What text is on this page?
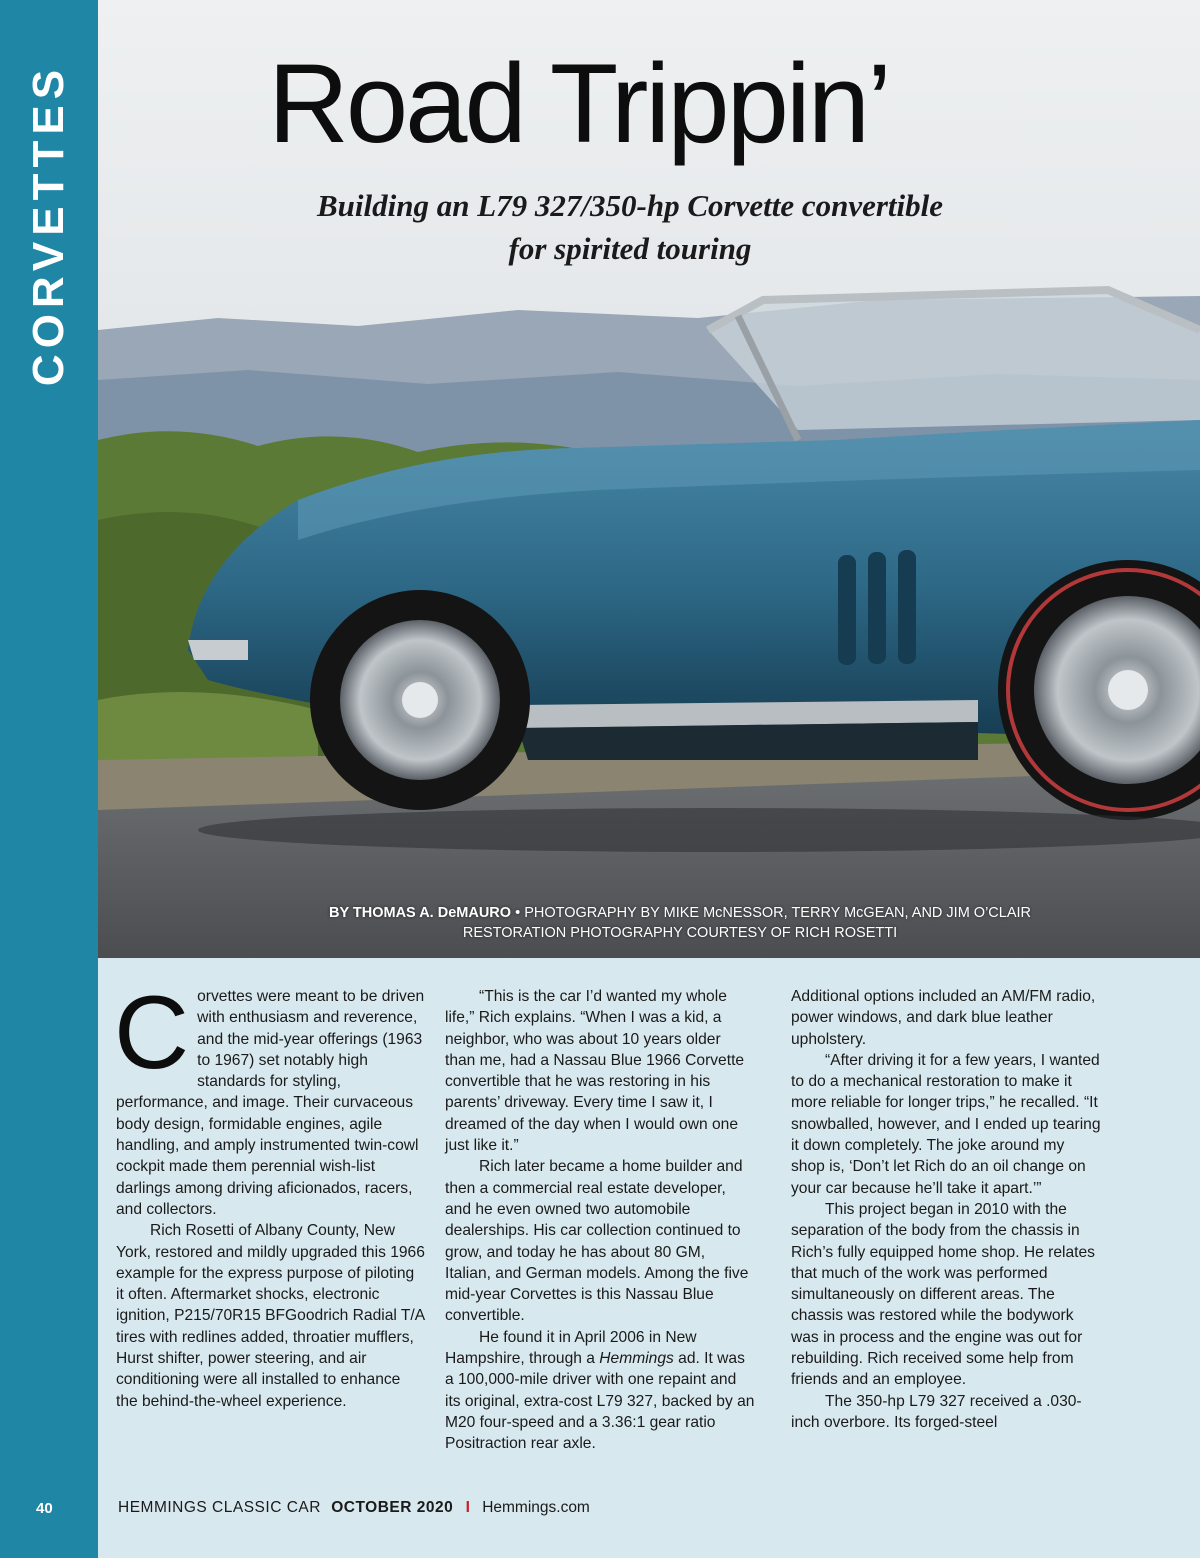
CORVETTES
40
Road Trippin’
Building an L79 327/350-hp Corvette convertible
for spirited touring
BY THOMAS A. DeMAURO • PHOTOGRAPHY BY MIKE McNESSOR, TERRY McGEAN, AND JIM O’CLAIR
RESTORATION PHOTOGRAPHY COURTESY OF RICH ROSETTI

Corvettes were meant to be driven with enthusiasm and reverence, and the mid-year offerings (1963 to 1967) set notably high standards for styling, performance, and image. Their curvaceous body design, formidable engines, agile handling, and amply instrumented twin-cowl cockpit made them perennial wish-list darlings among driving aficionados, racers, and collectors.

Rich Rosetti of Albany County, New York, restored and mildly upgraded this 1966 example for the express purpose of piloting it often. Aftermarket shocks, electronic ignition, P215/70R15 BFGoodrich Radial T/A tires with redlines added, throatier mufflers, Hurst shifter, power steering, and air conditioning were all installed to enhance the behind-the-wheel experience.

“This is the car I’d wanted my whole life,” Rich explains. “When I was a kid, a neighbor, who was about 10 years older than me, had a Nassau Blue 1966 Corvette convertible that he was restoring in his parents’ driveway. Every time I saw it, I dreamed of the day when I would own one just like it.”

Rich later became a home builder and then a commercial real estate developer, and he even owned two automobile dealerships. His car collection continued to grow, and today he has about 80 GM, Italian, and German models. Among the five mid-year Corvettes is this Nassau Blue convertible.

He found it in April 2006 in New Hampshire, through a Hemmings ad. It was a 100,000-mile driver with one repaint and its original, extra-cost L79 327, backed by an M20 four-speed and a 3.36:1 gear ratio Positraction rear axle.

Additional options included an AM/FM radio, power windows, and dark blue leather upholstery.

“After driving it for a few years, I wanted to do a mechanical restoration to make it more reliable for longer trips,” he recalled. “It snowballed, however, and I ended up tearing it down completely. The joke around my shop is, ‘Don’t let Rich do an oil change on your car because he’ll take it apart.’”

This project began in 2010 with the separation of the body from the chassis in Rich’s fully equipped home shop. He relates that much of the work was performed simultaneously on different areas. The chassis was restored while the bodywork was in process and the engine was out for rebuilding. Rich received some help from friends and an employee.

The 350-hp L79 327 received a .030-inch overbore. Its forged-steel

HEMMINGS CLASSIC CAR OCTOBER 2020 I Hemmings.com
